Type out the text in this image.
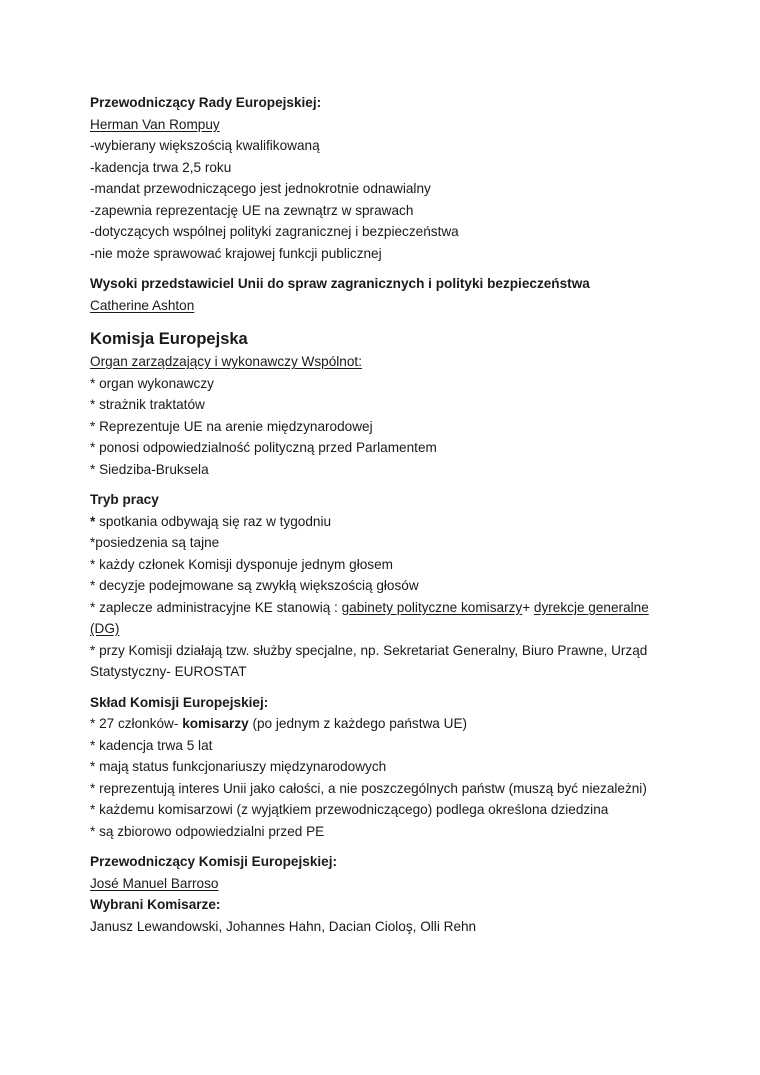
Przewodniczący Rady Europejskiej:
Herman Van Rompuy
-wybierany większością kwalifikowaną
-kadencja trwa 2,5 roku
-mandat przewodniczącego jest jednokrotnie odnawialny
-zapewnia reprezentację UE na zewnątrz w sprawach
-dotyczących wspólnej polityki zagranicznej i bezpieczeństwa
-nie może sprawować krajowej funkcji publicznej
Wysoki przedstawiciel Unii do spraw zagranicznych i polityki bezpieczeństwa
Catherine Ashton
Komisja Europejska
Organ zarządzający i wykonawczy Wspólnot:
* organ wykonawczy
* strażnik traktatów
* Reprezentuje UE na arenie międzynarodowej
* ponosi odpowiedzialność polityczną przed Parlamentem
* Siedziba-Bruksela
Tryb pracy
* spotkania odbywają się raz w tygodniu
*posiedzenia są tajne
* każdy członek Komisji dysponuje jednym głosem
* decyzje podejmowane są zwykłą większością głosów
* zaplecze administracyjne KE stanowią : gabinety polityczne komisarzy+ dyrekcje generalne
(DG)
* przy Komisji działają tzw. służby specjalne, np. Sekretariat Generalny, Biuro Prawne, Urząd
Statystyczny- EUROSTAT
Skład Komisji Europejskiej:
* 27 członków- komisarzy (po jednym z każdego państwa UE)
* kadencja trwa 5 lat
* mają status funkcjonariuszy międzynarodowych
* reprezentują interes Unii jako całości, a nie poszczególnych państw (muszą być niezależni)
* każdemu komisarzowi (z wyjątkiem przewodniczącego) podlega określona dziedzina
* są zbiorowo odpowiedzialni przed PE
Przewodniczący Komisji Europejskiej:
José Manuel Barroso
Wybrani Komisarze:
Janusz Lewandowski, Johannes Hahn, Dacian Cioloş, Olli Rehn
